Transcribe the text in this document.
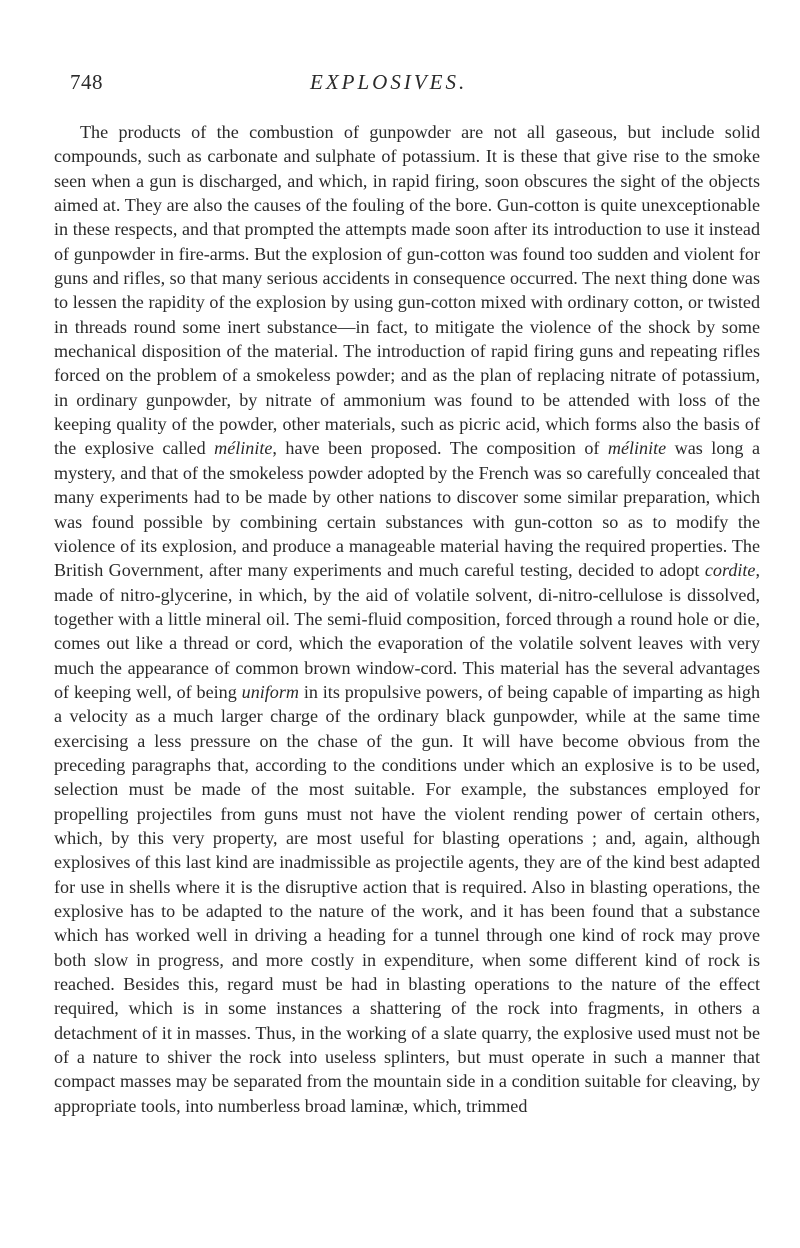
748	EXPLOSIVES.

The products of the combustion of gunpowder are not all gaseous, but include solid compounds, such as carbonate and sulphate of potassium. It is these that give rise to the smoke seen when a gun is discharged, and which, in rapid firing, soon obscures the sight of the objects aimed at. They are also the causes of the fouling of the bore. Gun-cotton is quite unexceptionable in these respects, and that prompted the attempts made soon after its introduction to use it instead of gunpowder in fire-arms. But the explosion of gun-cotton was found too sudden and violent for guns and rifles, so that many serious accidents in consequence occurred. The next thing done was to lessen the rapidity of the explosion by using gun-cotton mixed with ordinary cotton, or twisted in threads round some inert substance—in fact, to mitigate the violence of the shock by some mechanical disposition of the material. The introduction of rapid firing guns and repeating rifles forced on the problem of a smokeless powder; and as the plan of replacing nitrate of potassium, in ordinary gunpowder, by nitrate of ammonium was found to be attended with loss of the keeping quality of the powder, other materials, such as picric acid, which forms also the basis of the explosive called mélinite, have been proposed. The composition of mélinite was long a mystery, and that of the smokeless powder adopted by the French was so carefully concealed that many experiments had to be made by other nations to discover some similar preparation, which was found possible by combining certain substances with gun-cotton so as to modify the violence of its explosion, and produce a manageable material having the required properties. The British Government, after many experiments and much careful testing, decided to adopt cordite, made of nitro-glycerine, in which, by the aid of volatile solvent, di-nitro-cellulose is dissolved, together with a little mineral oil. The semi-fluid composition, forced through a round hole or die, comes out like a thread or cord, which the evaporation of the volatile solvent leaves with very much the appearance of common brown window-cord. This material has the several advantages of keeping well, of being uniform in its propulsive powers, of being capable of imparting as high a velocity as a much larger charge of the ordinary black gunpowder, while at the same time exercising a less pressure on the chase of the gun. It will have become obvious from the preceding paragraphs that, according to the conditions under which an explosive is to be used, selection must be made of the most suitable. For example, the substances employed for propelling projectiles from guns must not have the violent rending power of certain others, which, by this very property, are most useful for blasting operations ; and, again, although explosives of this last kind are inadmissible as projectile agents, they are of the kind best adapted for use in shells where it is the disruptive action that is required. Also in blasting operations, the explosive has to be adapted to the nature of the work, and it has been found that a substance which has worked well in driving a heading for a tunnel through one kind of rock may prove both slow in progress, and more costly in expenditure, when some different kind of rock is reached. Besides this, regard must be had in blasting operations to the nature of the effect required, which is in some instances a shattering of the rock into fragments, in others a detachment of it in masses. Thus, in the working of a slate quarry, the explosive used must not be of a nature to shiver the rock into useless splinters, but must operate in such a manner that compact masses may be separated from the mountain side in a condition suitable for cleaving, by appropriate tools, into numberless broad laminæ, which, trimmed
